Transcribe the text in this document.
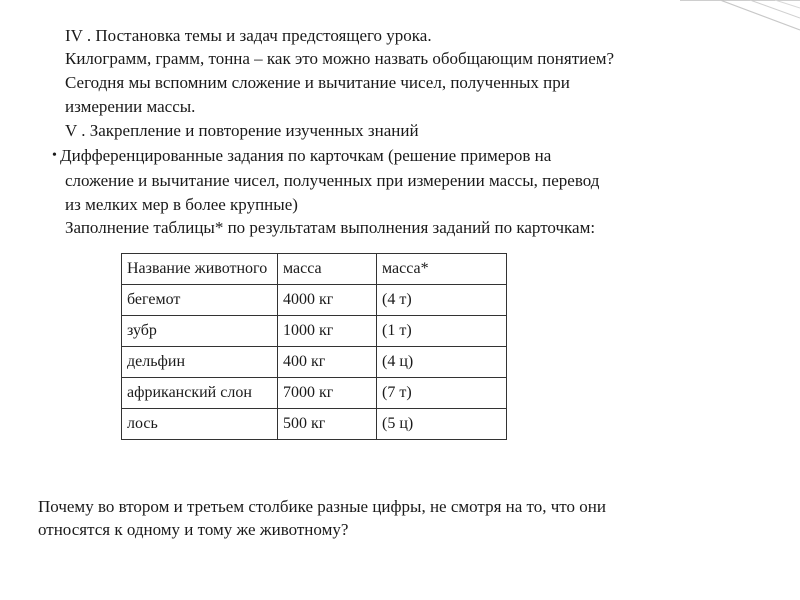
IV . Постановка темы и задач предстоящего урока.
Килограмм, грамм, тонна – как это можно назвать обобщающим понятием?
Сегодня мы вспомним сложение и вычитание чисел, полученных при
измерении массы.
V . Закрепление и повторение изученных знаний
• Дифференцированные задания по карточкам (решение примеров на
сложение и вычитание чисел, полученных при измерении массы, перевод
из мелких мер в более крупные)
Заполнение таблицы* по результатам выполнения заданий по карточкам:
Название животного	масса	масса*
бегемот	4000 кг	(4 т)
зубр	1000 кг	(1 т)
дельфин	400 кг	(4 ц)
африканский слон	7000 кг	(7 т)
лось	500 кг	(5 ц)
Почему во втором и третьем столбике разные цифры, не смотря на то, что они
относятся к одному и тому же животному?
